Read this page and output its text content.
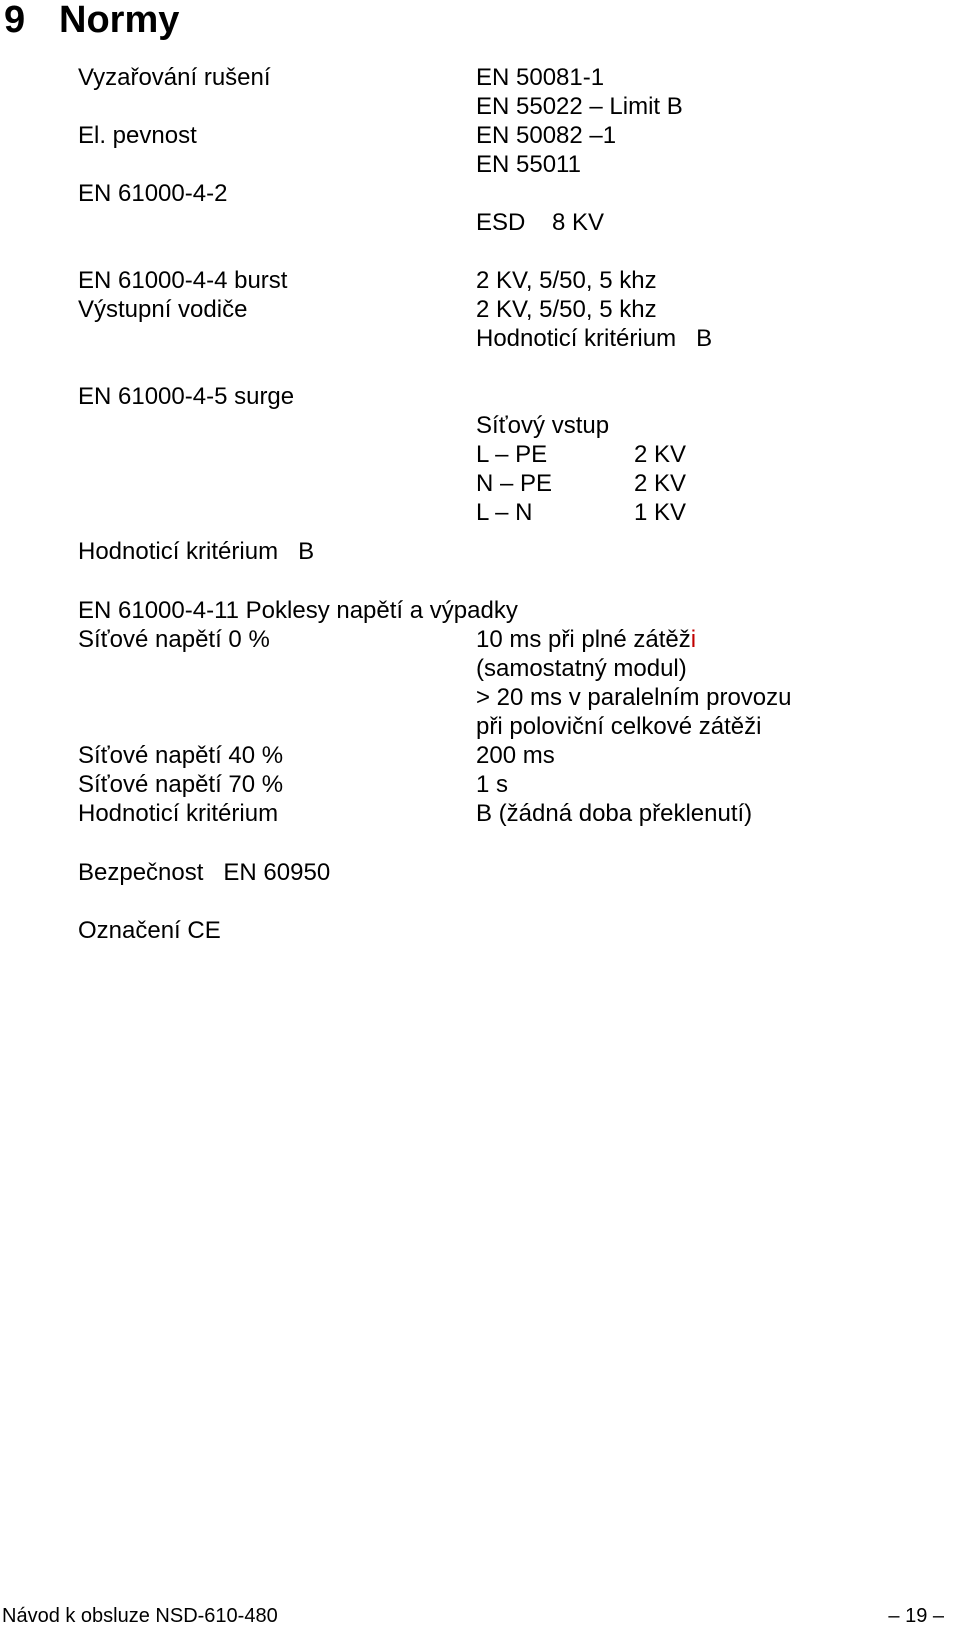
9 Normy
Vyzařování rušení	EN 50081-1
EN 55022 – Limit B
El. pevnost	EN 50082 –1
EN 55011
EN 61000-4-2
ESD    8 KV
EN 61000-4-4 burst	2 KV, 5/50, 5 khz
Výstupní vodiče	2 KV, 5/50, 5 khz
Hodnoticí kritérium   B
EN 61000-4-5 surge
Síťový vstup
L – PE	2 KV
N – PE	2 KV
L – N	1 KV
Hodnoticí kritérium   B
EN 61000-4-11 Poklesy napětí a výpadky
Síťové napětí 0 %	10 ms při plné zátěži
(samostatný modul)
> 20 ms v paralelním provozu
při poloviční celkové zátěži
Síťové napětí 40 %	200 ms
Síťové napětí 70 %	1 s
Hodnoticí kritérium	B (žádná doba překlenutí)
Bezpečnost   EN 60950
Označení CE
Návod k obsluze NSD-610-480	– 19 –
